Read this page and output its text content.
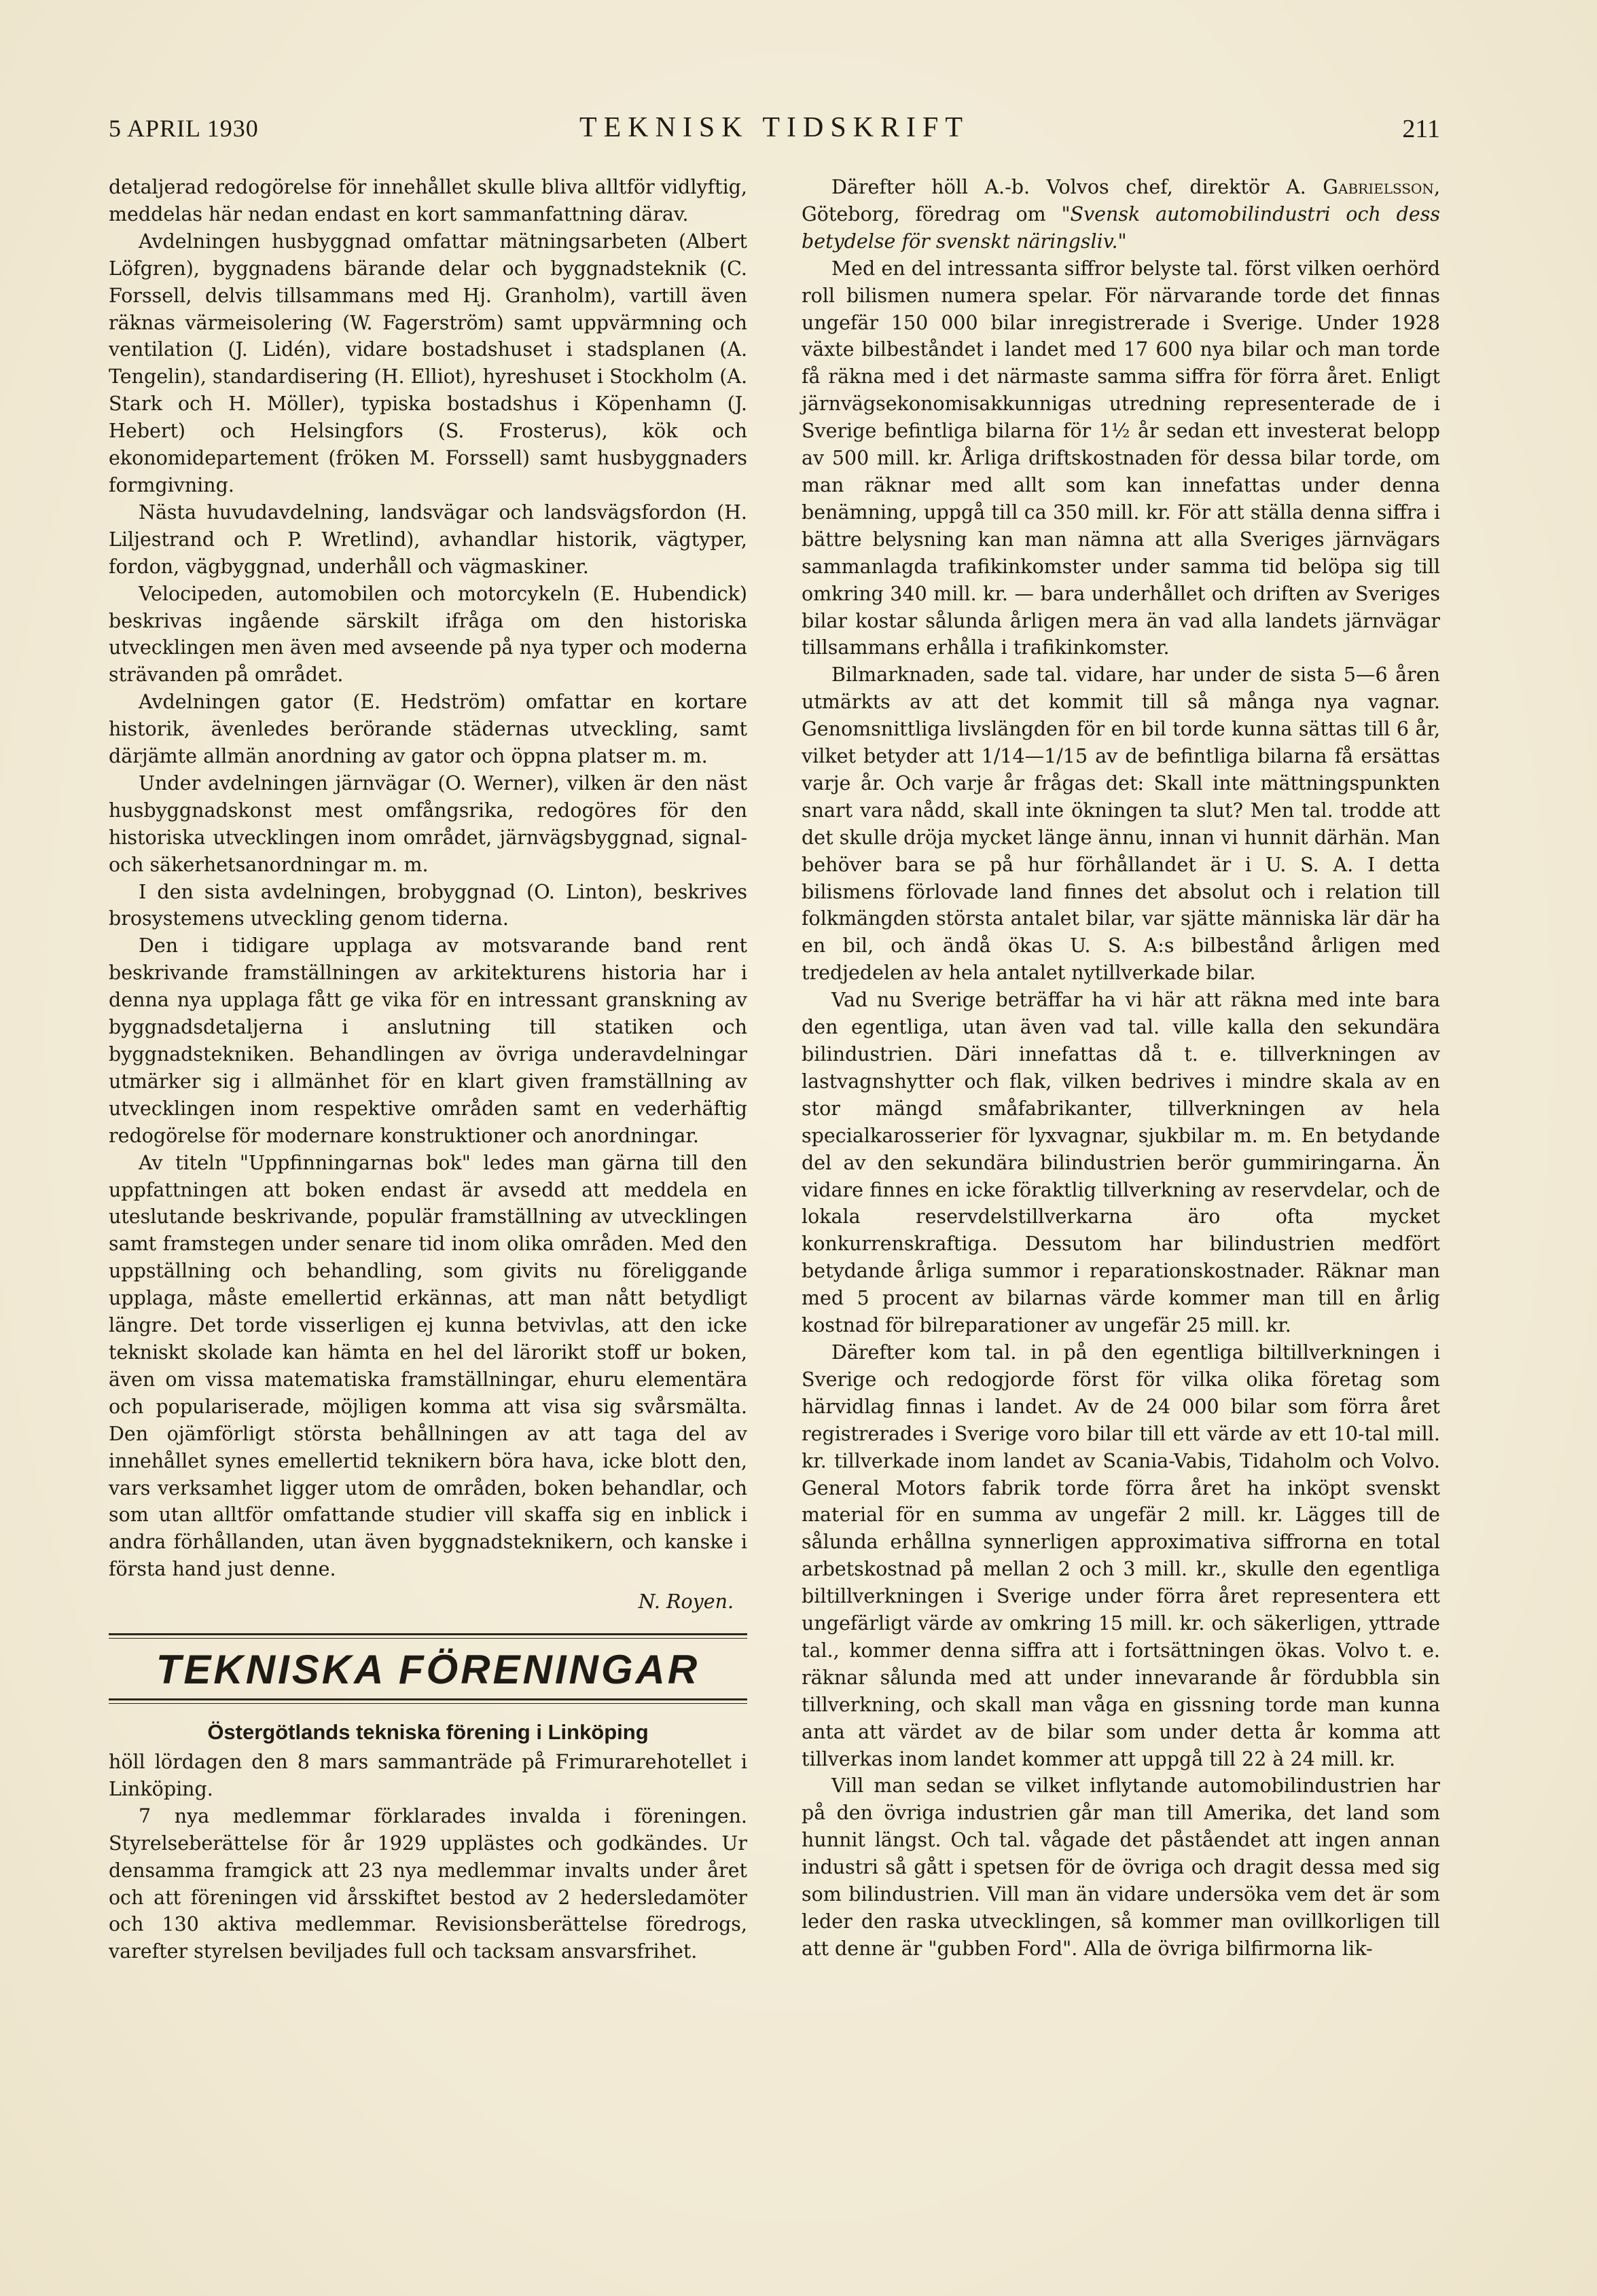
5 APRIL 1930	TEKNISK TIDSKRIFT	211

detaljerad redogörelse för innehållet skulle bliva alltför vidlyftig, meddelas här nedan endast en kort sammanfattning därav.

Avdelningen husbyggnad omfattar mätningsarbeten (Albert Löfgren), byggnadens bärande delar och byggnadsteknik (C. Forssell, delvis tillsammans med Hj. Granholm), vartill även räknas värmeisolering (W. Fagerström) samt uppvärmning och ventilation (J. Lidén), vidare bostadshuset i stadsplanen (A. Tengelin), standardisering (H. Elliot), hyreshuset i Stockholm (A. Stark och H. Möller), typiska bostadshus i Köpenhamn (J. Hebert) och Helsingfors (S. Frosterus), kök och ekonomidepartement (fröken M. Forssell) samt husbyggnaders formgivning.

Nästa huvudavdelning, landsvägar och landsvägsfordon (H. Liljestrand och P. Wretlind), avhandlar historik, vägtyper, fordon, vägbyggnad, underhåll och vägmaskiner.

Velocipeden, automobilen och motorcykeln (E. Hubendick) beskrivas ingående särskilt ifråga om den historiska utvecklingen men även med avseende på nya typer och moderna strävanden på området.

Avdelningen gator (E. Hedström) omfattar en kortare historik, ävenledes berörande städernas utveckling, samt därjämte allmän anordning av gator och öppna platser m. m.

Under avdelningen järnvägar (O. Werner), vilken är den näst husbyggnadskonst mest omfångsrika, redogöres för den historiska utvecklingen inom området, järnvägsbyggnad, signal- och säkerhetsanordningar m. m.

I den sista avdelningen, brobyggnad (O. Linton), beskrives brosystemens utveckling genom tiderna.

Den i tidigare upplaga av motsvarande band rent beskrivande framställningen av arkitekturens historia har i denna nya upplaga fått ge vika för en intressant granskning av byggnadsdetaljerna i anslutning till statiken och byggnadstekniken. Behandlingen av övriga underavdelningar utmärker sig i allmänhet för en klart given framställning av utvecklingen inom respektive områden samt en vederhäftig redogörelse för modernare konstruktioner och anordningar.

Av titeln "Uppfinningarnas bok" ledes man gärna till den uppfattningen att boken endast är avsedd att meddela en uteslutande beskrivande, populär framställning av utvecklingen samt framstegen under senare tid inom olika områden. Med den uppställning och behandling, som givits nu föreliggande upplaga, måste emellertid erkännas, att man nått betydligt längre. Det torde visserligen ej kunna betvivlas, att den icke tekniskt skolade kan hämta en hel del lärorikt stoff ur boken, även om vissa matematiska framställningar, ehuru elementära och populariserade, möjligen komma att visa sig svårsmälta. Den ojämförligt största behållningen av att taga del av innehållet synes emellertid teknikern böra hava, icke blott den, vars verksamhet ligger utom de områden, boken behandlar, och som utan alltför omfattande studier vill skaffa sig en inblick i andra förhållanden, utan även byggnadsteknikern, och kanske i första hand just denne.

N. Royen.
TEKNISKA FÖRENINGAR
Östergötlands tekniska förening i Linköping

höll lördagen den 8 mars sammanträde på Frimurarehotellet i Linköping.

7 nya medlemmar förklarades invalda i föreningen. Styrelseberättelse för år 1929 upplästes och godkändes. Ur densamma framgick att 23 nya medlemmar invalts under året och att föreningen vid årsskiftet bestod av 2 hedersledamöter och 130 aktiva medlemmar. Revisionsberättelse föredrogs, varefter styrelsen beviljades full och tacksam ansvarsfrihet.

Därefter höll A.-b. Volvos chef, direktör A. Gabrielsson, Göteborg, föredrag om "Svensk automobilindustri och dess betydelse för svenskt näringsliv."

Med en del intressanta siffror belyste tal. först vilken oerhörd roll bilismen numera spelar. För närvarande torde det finnas ungefär 150 000 bilar inregistrerade i Sverige. Under 1928 växte bilbeståndet i landet med 17 600 nya bilar och man torde få räkna med i det närmaste samma siffra för förra året. Enligt järnvägsekonomisakkunnigas utredning representerade de i Sverige befintliga bilarna för 1½ år sedan ett investerat belopp av 500 mill. kr. Årliga driftskostnaden för dessa bilar torde, om man räknar med allt som kan innefattas under denna benämning, uppgå till ca 350 mill. kr. För att ställa denna siffra i bättre belysning kan man nämna att alla Sveriges järnvägars sammanlagda trafikinkomster under samma tid belöpa sig till omkring 340 mill. kr. — bara underhållet och driften av Sveriges bilar kostar sålunda årligen mera än vad alla landets järnvägar tillsammans erhålla i trafikinkomster.

Bilmarknaden, sade tal. vidare, har under de sista 5—6 åren utmärkts av att det kommit till så många nya vagnar. Genomsnittliga livslängden för en bil torde kunna sättas till 6 år, vilket betyder att 1/14—1/15 av de befintliga bilarna få ersättas varje år. Och varje år frågas det: Skall inte mättningspunkten snart vara nådd, skall inte ökningen ta slut? Men tal. trodde att det skulle dröja mycket länge ännu, innan vi hunnit därhän. Man behöver bara se på hur förhållandet är i U. S. A. I detta bilismens förlovade land finnes det absolut och i relation till folkmängden största antalet bilar, var sjätte människa lär där ha en bil, och ändå ökas U. S. A:s bilbestånd årligen med tredjedelen av hela antalet nytillverkade bilar.

Vad nu Sverige beträffar ha vi här att räkna med inte bara den egentliga, utan även vad tal. ville kalla den sekundära bilindustrien. Däri innefattas då t. e. tillverkningen av lastvagnshytter och flak, vilken bedrives i mindre skala av en stor mängd småfabrikanter, tillverkningen av hela specialkarosserier för lyxvagnar, sjukbilar m. m. En betydande del av den sekundära bilindustrien berör gummiringarna. Än vidare finnes en icke föraktlig tillverkning av reservdelar, och de lokala reservdelstillverkarna äro ofta mycket konkurrenskraftiga. Dessutom har bilindustrien medfört betydande årliga summor i reparationskostnader. Räknar man med 5 procent av bilarnas värde kommer man till en årlig kostnad för bilreparationer av ungefär 25 mill. kr.

Därefter kom tal. in på den egentliga biltillverkningen i Sverige och redogjorde först för vilka olika företag som härvidlag finnas i landet. Av de 24 000 bilar som förra året registrerades i Sverige voro bilar till ett värde av ett 10-tal mill. kr. tillverkade inom landet av Scania-Vabis, Tidaholm och Volvo. General Motors fabrik torde förra året ha inköpt svenskt material för en summa av ungefär 2 mill. kr. Lägges till de sålunda erhållna synnerligen approximativa siffrorna en total arbetskostnad på mellan 2 och 3 mill. kr., skulle den egentliga biltillverkningen i Sverige under förra året representera ett ungefärligt värde av omkring 15 mill. kr. och säkerligen, yttrade tal., kommer denna siffra att i fortsättningen ökas. Volvo t. e. räknar sålunda med att under innevarande år fördubbla sin tillverkning, och skall man våga en gissning torde man kunna anta att värdet av de bilar som under detta år komma att tillverkas inom landet kommer att uppgå till 22 à 24 mill. kr.

Vill man sedan se vilket inflytande automobilindustrien har på den övriga industrien går man till Amerika, det land som hunnit längst. Och tal. vågade det påståendet att ingen annan industri så gått i spetsen för de övriga och dragit dessa med sig som bilindustrien. Vill man än vidare undersöka vem det är som leder den raska utvecklingen, så kommer man ovillkorligen till att denne är "gubben Ford". Alla de övriga bilfirmorna lik-
